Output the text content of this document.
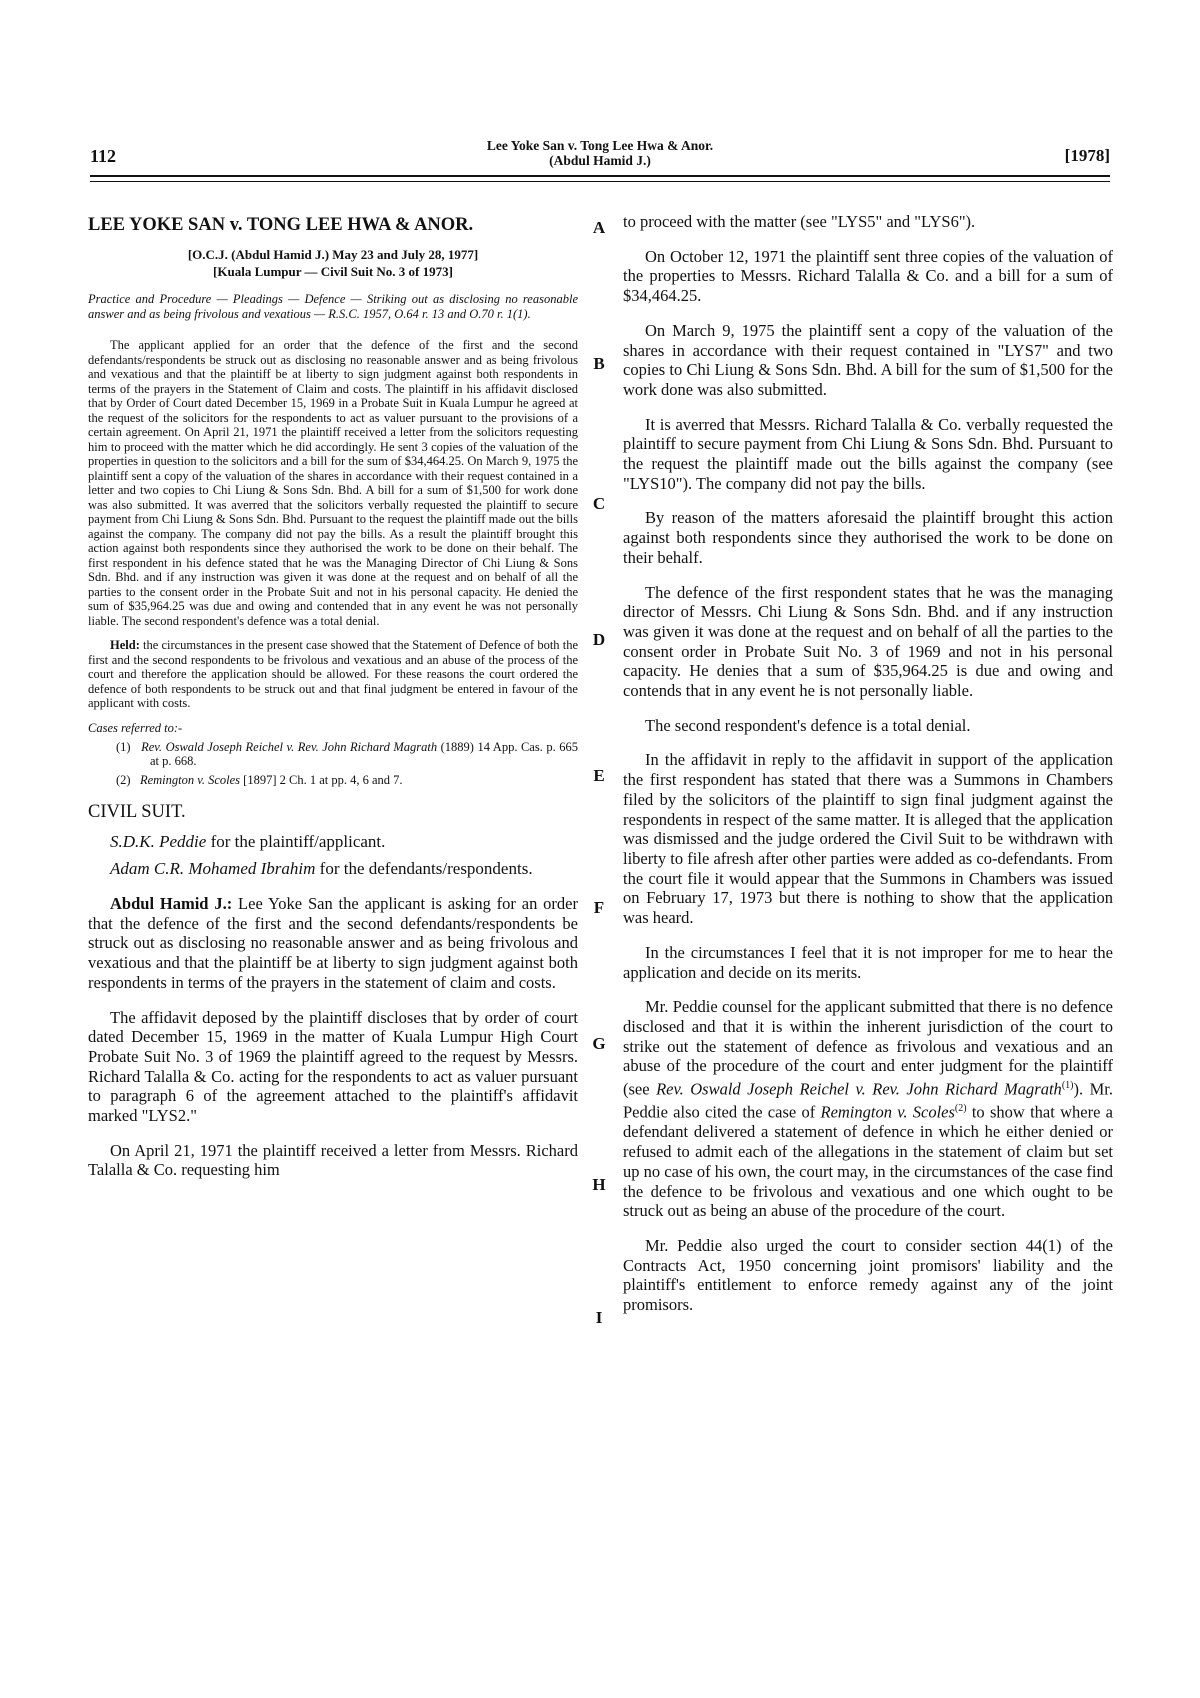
112
Lee Yoke San v. Tong Lee Hwa & Anor.
(Abdul Hamid J.)	[1978]

LEE YOKE SAN v. TONG LEE HWA & ANOR.

[O.C.J. (Abdul Hamid J.) May 23 and July 28, 1977]

[Kuala Lumpur — Civil Suit No. 3 of 1973]

Practice and Procedure — Pleadings — Defence — Striking out as disclosing no reasonable answer and as being frivolous and vexatious — R.S.C. 1957, O.64 r. 13 and O.70 r. 1(1).

The applicant applied for an order that the defence of the first and the second defendants/respondents be struck out as disclosing no reasonable answer and as being frivolous and vexatious and that the plaintiff be at liberty to sign judgment against both respondents in terms of the prayers in the Statement of Claim and costs. The plaintiff in his affidavit disclosed that by Order of Court dated December 15, 1969 in a Probate Suit in Kuala Lumpur he agreed at the request of the solicitors for the respondents to act as valuer pursuant to the provisions of a certain agreement. On April 21, 1971 the plaintiff received a letter from the solicitors requesting him to proceed with the matter which he did accordingly. He sent 3 copies of the valuation of the properties in question to the solicitors and a bill for the sum of $34,464.25. On March 9, 1975 the plaintiff sent a copy of the valuation of the shares in accordance with their request contained in a letter and two copies to Chi Liung & Sons Sdn. Bhd. A bill for a sum of $1,500 for work done was also submitted. It was averred that the solicitors verbally requested the plaintiff to secure payment from Chi Liung & Sons Sdn. Bhd. Pursuant to the request the plaintiff made out the bills against the company. The company did not pay the bills. As a result the plaintiff brought this action against both respondents since they authorised the work to be done on their behalf. The first respondent in his defence stated that he was the Managing Director of Chi Liung & Sons Sdn. Bhd. and if any instruction was given it was done at the request and on behalf of all the parties to the consent order in the Probate Suit and not in his personal capacity. He denied the sum of $35,964.25 was due and owing and contended that in any event he was not personally liable. The second respondent's defence was a total denial.

Held: the circumstances in the present case showed that the Statement of Defence of both the first and the second respondents to be frivolous and vexatious and an abuse of the process of the court and therefore the application should be allowed. For these reasons the court ordered the defence of both respondents to be struck out and that final judgment be entered in favour of the applicant with costs.

Cases referred to:-

(1) Rev. Oswald Joseph Reichel v. Rev. John Richard Magrath (1889) 14 App. Cas. p. 665 at p. 668.

(2) Remington v. Scoles [1897] 2 Ch. 1 at pp. 4, 6 and 7.

CIVIL SUIT.

S.D.K. Peddie for the plaintiff/applicant.

Adam C.R. Mohamed Ibrahim for the defendants/respondents.

Abdul Hamid J.: Lee Yoke San the applicant is asking for an order that the defence of the first and the second defendants/respondents be struck out as disclosing no reasonable answer and as being frivolous and vexatious and that the plaintiff be at liberty to sign judgment against both respondents in terms of the prayers in the statement of claim and costs.

The affidavit deposed by the plaintiff discloses that by order of court dated December 15, 1969 in the matter of Kuala Lumpur High Court Probate Suit No. 3 of 1969 the plaintiff agreed to the request by Messrs. Richard Talalla & Co. acting for the respondents to act as valuer pursuant to paragraph 6 of the agreement attached to the plaintiff's affidavit marked "LYS2."

On April 21, 1971 the plaintiff received a letter from Messrs. Richard Talalla & Co. requesting him

A
B
C
D
E
F
G
H
I

to proceed with the matter (see "LYS5" and "LYS6").

On October 12, 1971 the plaintiff sent three copies of the valuation of the properties to Messrs. Richard Talalla & Co. and a bill for a sum of $34,464.25.

On March 9, 1975 the plaintiff sent a copy of the valuation of the shares in accordance with their request contained in "LYS7" and two copies to Chi Liung & Sons Sdn. Bhd. A bill for the sum of $1,500 for the work done was also submitted.

It is averred that Messrs. Richard Talalla & Co. verbally requested the plaintiff to secure payment from Chi Liung & Sons Sdn. Bhd. Pursuant to the request the plaintiff made out the bills against the company (see "LYS10"). The company did not pay the bills.

By reason of the matters aforesaid the plaintiff brought this action against both respondents since they authorised the work to be done on their behalf.

The defence of the first respondent states that he was the managing director of Messrs. Chi Liung & Sons Sdn. Bhd. and if any instruction was given it was done at the request and on behalf of all the parties to the consent order in Probate Suit No. 3 of 1969 and not in his personal capacity. He denies that a sum of $35,964.25 is due and owing and contends that in any event he is not personally liable.

The second respondent's defence is a total denial.

In the affidavit in reply to the affidavit in support of the application the first respondent has stated that there was a Summons in Chambers filed by the solicitors of the plaintiff to sign final judgment against the respondents in respect of the same matter. It is alleged that the application was dismissed and the judge ordered the Civil Suit to be withdrawn with liberty to file afresh after other parties were added as co-defendants. From the court file it would appear that the Summons in Chambers was issued on February 17, 1973 but there is nothing to show that the application was heard.

In the circumstances I feel that it is not improper for me to hear the application and decide on its merits.

Mr. Peddie counsel for the applicant submitted that there is no defence disclosed and that it is within the inherent jurisdiction of the court to strike out the statement of defence as frivolous and vexatious and an abuse of the procedure of the court and enter judgment for the plaintiff (see Rev. Oswald Joseph Reichel v. Rev. John Richard Magrath$^{(1)}$). Mr. Peddie also cited the case of Remington v. Scoles$^{(2)}$ to show that where a defendant delivered a statement of defence in which he either denied or refused to admit each of the allegations in the statement of claim but set up no case of his own, the court may, in the circumstances of the case find the defence to be frivolous and vexatious and one which ought to be struck out as being an abuse of the procedure of the court.

Mr. Peddie also urged the court to consider section 44(1) of the Contracts Act, 1950 concerning joint promisors' liability and the plaintiff's entitlement to enforce remedy against any of the joint promisors.
